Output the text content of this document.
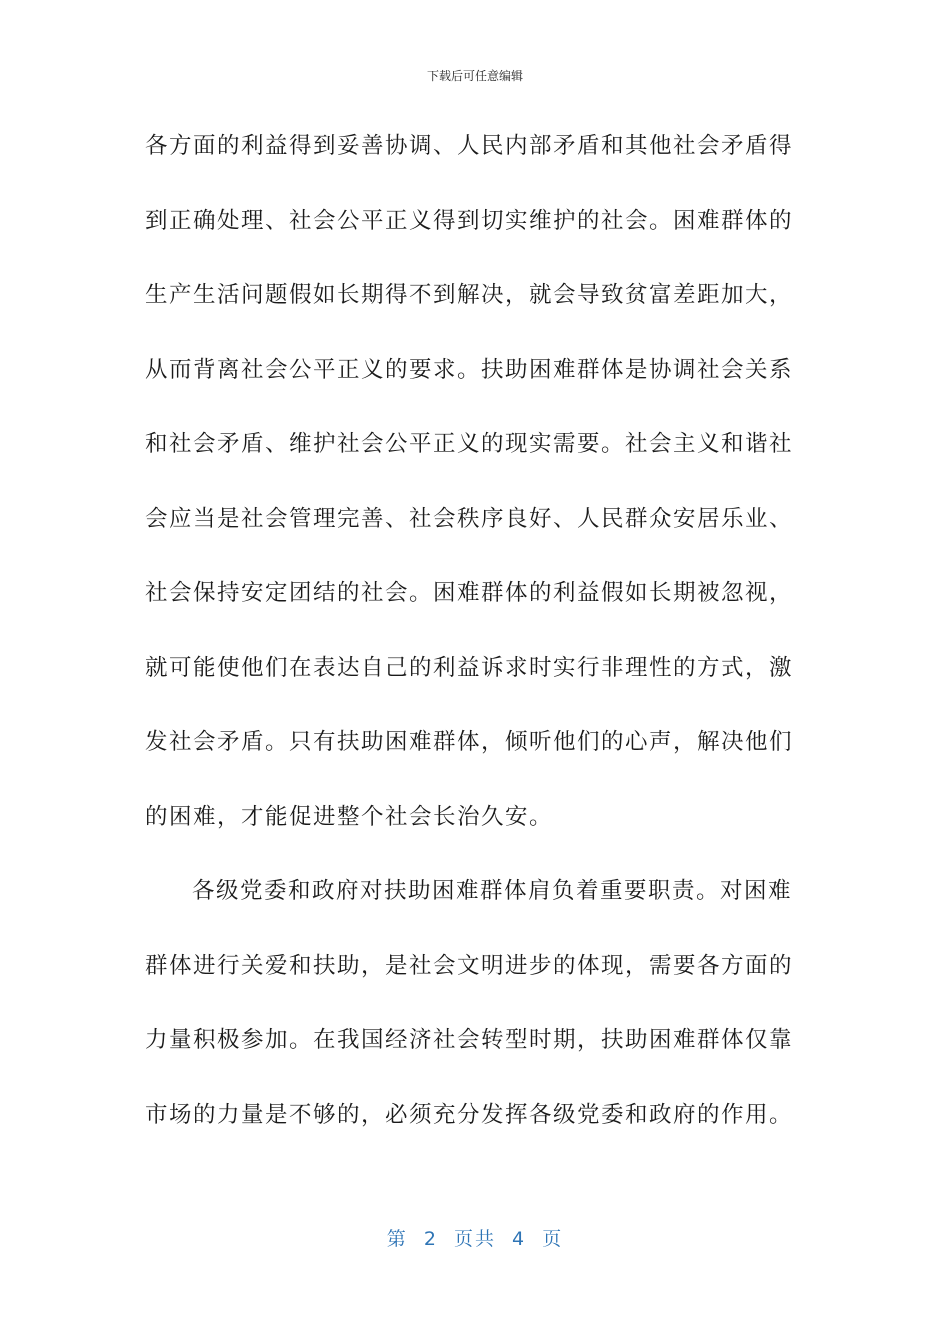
下载后可任意编辑
各方面的利益得到妥善协调、人民内部矛盾和其他社会矛盾得
到正确处理、社会公平正义得到切实维护的社会。困难群体的
生产生活问题假如长期得不到解决，就会导致贫富差距加大，
从而背离社会公平正义的要求。扶助困难群体是协调社会关系
和社会矛盾、维护社会公平正义的现实需要。社会主义和谐社
会应当是社会管理完善、社会秩序良好、人民群众安居乐业、
社会保持安定团结的社会。困难群体的利益假如长期被忽视，
就可能使他们在表达自己的利益诉求时实行非理性的方式，激
发社会矛盾。只有扶助困难群体，倾听他们的心声，解决他们
的困难，才能促进整个社会长治久安。
各级党委和政府对扶助困难群体肩负着重要职责。对困难
群体进行关爱和扶助，是社会文明进步的体现，需要各方面的
力量积极参加。在我国经济社会转型时期，扶助困难群体仅靠
市场的力量是不够的，必须充分发挥各级党委和政府的作用。
第 2 页共 4 页
